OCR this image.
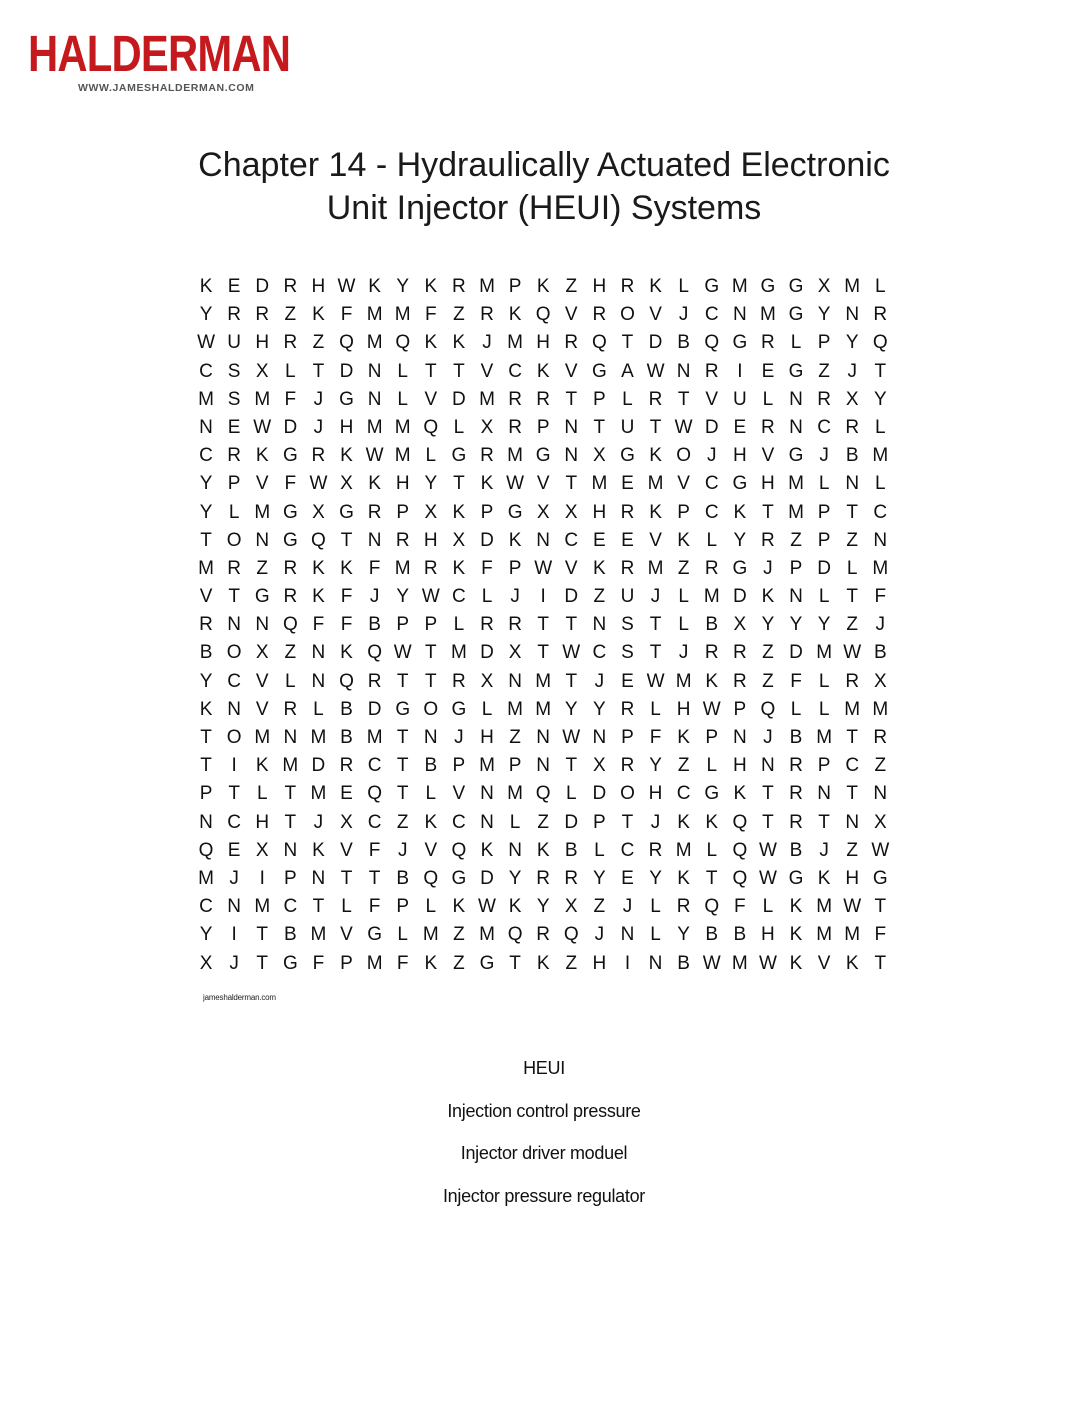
HALDERMAN
WWW.JAMESHALDERMAN.COM
Chapter 14 - Hydraulically Actuated Electronic
Unit Injector (HEUI) Systems
K E D R H W K Y K R M P K Z H R K L G M G G X M L
Y R R Z K F M M F Z R K Q V R O V J C N M G Y N R
W U H R Z Q M Q K K J M H R Q T D B Q G R L P Y Q
C S X L T D N L T T V C K V G A W N R I	E G Z J T
M S M F J G N L V D M R R T P L R T V U L N R X Y
N E W D J H M M Q L X R P N T U T W D E R N C R L
C R K G R K W M L G R M G N X G K O J H V G J B M
Y P V F W X K H Y T K W V T M E M V C G H M L N L
Y L M G X G R P X K P G X X H R K P C K T M P T C
T O N G Q T N R H X D K N C E E V K L Y R Z P Z N
M R Z R K K F M R K F P W V K R M Z R G J P D L M
V T G R K F J Y W C L J	I D Z U J L M D K N L T F
R N N Q F F B P P L R R T T N S T L B X Y Y Y Z J
B O X Z N K Q W T M D X T W C S T J R R Z D M W B
Y C V L N Q R T T R X N M T J E W M K R Z F L R X
K N V R L B D G O G L M M Y Y R L H W P Q L L M M
T O M N M B M T N J H Z N W N P F K P N J B M T R
T	I	K M D R C T B P M P N T X R Y Z L H N R P C Z
P T L T M E Q T L V N M Q L D O H C G K T R N T N
N C H T J X C Z K C N L Z D P T J K K Q T R T N X
Q E X N K V F J V Q K N K B L C R M L Q W B J Z W
M J	I	P N T T B Q G D Y R R Y E Y K T Q W G K H G
C N M C T L F P L K W K Y X Z J L R Q F L K M W T
Y	I	T B M V G L M Z M Q R Q J N L Y B B H K M M F
X J T G F P M F K Z G T K Z H I N B W M W K V K T
jameshalderman.com
HEUI
Injection control pressure
Injector driver moduel
Injector pressure regulator
